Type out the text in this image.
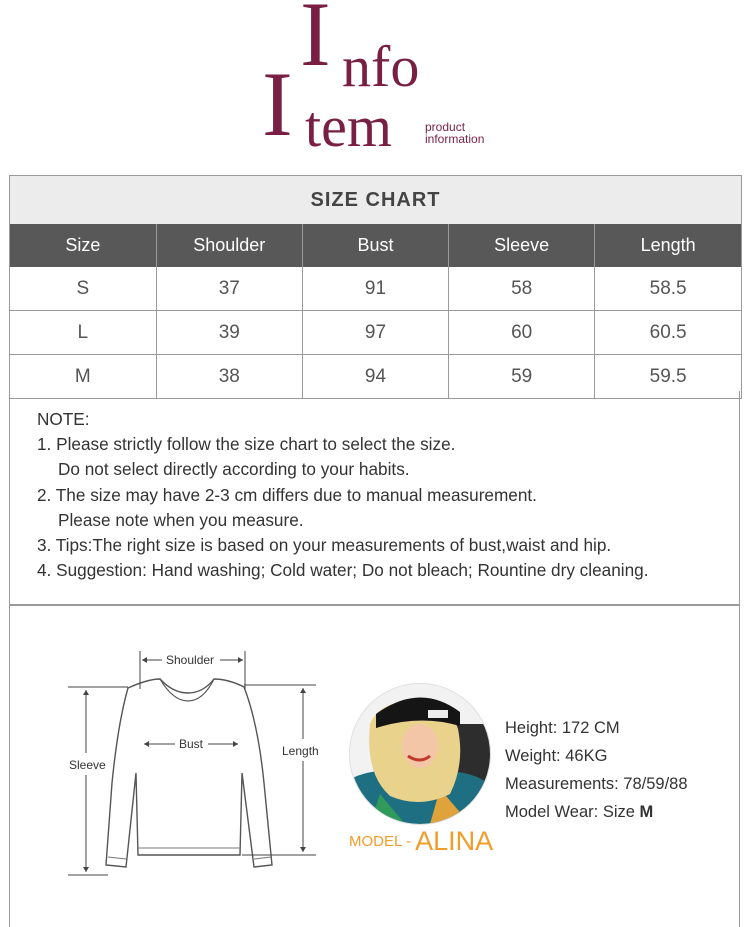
I nfo
I tem	product
information
SIZE CHART
Size	Shoulder	Bust	Sleeve	Length
S	37	91	58	58.5
L	39	97	60	60.5
M	38	94	59	59.5
NOTE:
1. Please strictly follow the size chart to select the size.
Do not select directly according to your habits.
2. The size may have 2-3 cm differs due to manual measurement.
Please note when you measure.
3. Tips:The right size is based on your measurements of bust,waist and hip.
4. Suggestion: Hand washing; Cold water; Do not bleach; Rountine dry cleaning.
Shoulder
Bust
Sleeve
Length
MODEL - ALINA
Height: 172 CM
Weight: 46KG
Measurements: 78/59/88
Model Wear: Size M
